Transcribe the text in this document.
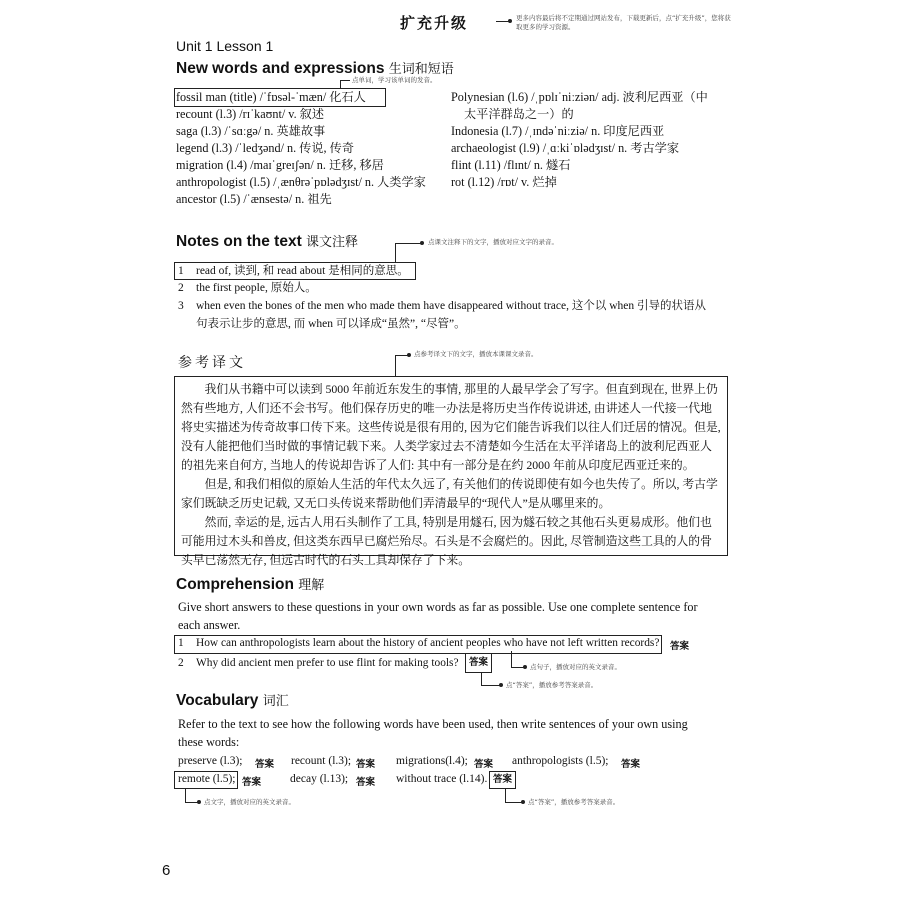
扩充升级	更多内容最后将不定期通过网站发布，下载更新后，点“扩充升级”，您将获取更多的学习资源。
Unit 1 Lesson 1
New words and expressions 生词和短语
点单词，学习该单词的发音。
fossil man (title) /ˈfɒsəl-ˈmæn/ 化石人
recount (l.3) /rɪˈkaʊnt/ v. 叙述
saga (l.3) /ˈsɑːgə/ n. 英雄故事
legend (l.3) /ˈledʒənd/ n. 传说, 传奇
migration (l.4) /maɪˈgreɪʃən/ n. 迁移, 移居
anthropologist (l.5) /ˌænθrəˈpɒlədʒɪst/ n. 人类学家
ancestor (l.5) /ˈænsestə/ n. 祖先
Polynesian (l.6) /ˌpɒlɪˈniːziən/ adj. 波利尼西亚（中
太平洋群岛之一）的
Indonesia (l.7) /ˌɪndəˈniːziə/ n. 印度尼西亚
archaeologist (l.9) /ˌɑːkiˈɒlədʒɪst/ n. 考古学家
flint (l.11) /flɪnt/ n. 燧石
rot (l.12) /rɒt/ v. 烂掉
Notes on the text 课文注释	点课文注释下的文字，播放对应文字的录音。
1 read of, 读到, 和 read about 是相同的意思。
2 the first people, 原始人。
3 when even the bones of the men who made them have disappeared without trace, 这个以 when 引导的状语从
句表示让步的意思, 而 when 可以译成“虽然”, “尽管”。
参考译文
点参考译文下的文字，播放本课课文录音。

我们从书籍中可以读到 5000 年前近东发生的事情, 那里的人最早学会了写字。但直到现在, 世界上仍然有些地方, 人们还不会书写。他们保存历史的唯一办法是将历史当作传说讲述, 由讲述人一代接一代地将史实描述为传奇故事口传下来。这些传说是很有用的, 因为它们能告诉我们以往人们迁居的情况。但是, 没有人能把他们当时做的事情记载下来。人类学家过去不清楚如今生活在太平洋诸岛上的波利尼西亚人的祖先来自何方, 当地人的传说却告诉了人们: 其中有一部分是在约 2000 年前从印度尼西亚迁来的。

但是, 和我们相似的原始人生活的年代太久远了, 有关他们的传说即使有如今也失传了。所以, 考古学家们既缺乏历史记载, 又无口头传说来帮助他们弄清最早的“现代人”是从哪里来的。

然而, 幸运的是, 远古人用石头制作了工具, 特别是用燧石, 因为燧石较之其他石头更易成形。他们也可能用过木头和兽皮, 但这类东西早已腐烂殆尽。石头是不会腐烂的。因此, 尽管制造这些工具的人的骨头早已荡然无存, 但远古时代的石头工具却保存了下来。

Comprehension 理解
Give short answers to these questions in your own words as far as possible. Use one complete sentence for
each answer.
1 How can anthropologists learn about the history of ancient peoples who have not left written records? 答案
2 Why did ancient men prefer to use flint for making tools?	答案	点句子，播放对应的英文录音。
点“答案”，播放参考答案录音。
Vocabulary 词汇
Refer to the text to see how the following words have been used, then write sentences of your own using
these words:
preserve (l.3); 答案 recount (l.3); 答案 migrations(l.4); 答案 anthropologists (l.5); 答案
remote (l.5); 答案	decay (l.13); 答案 without trace (l.14). 答案
点文字，播放对应的英文录音。	点“答案”，播放参考答案录音。
6
